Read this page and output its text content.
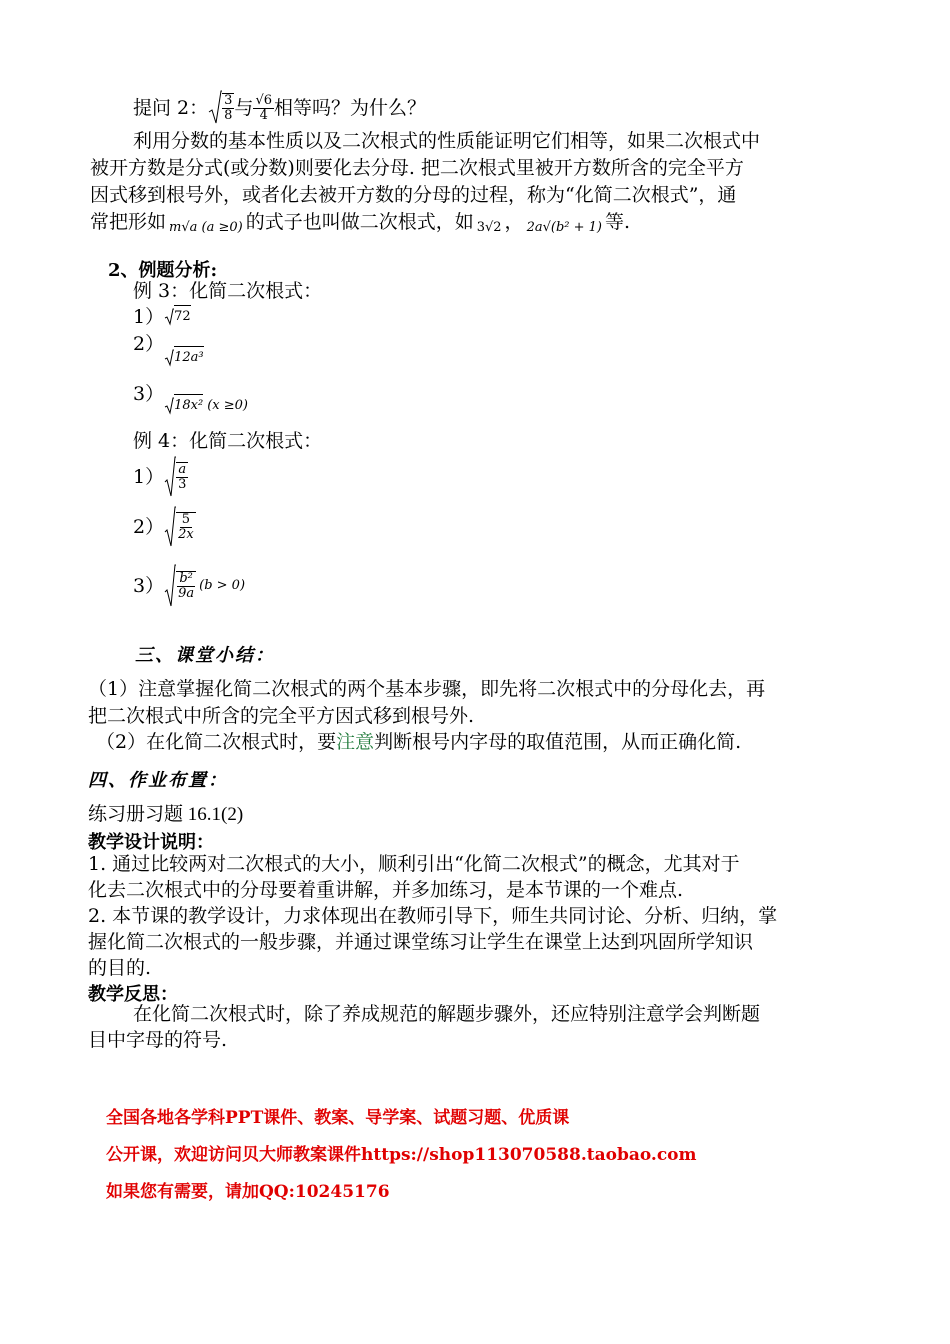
提问 2： $\frac{3}{8}$ 与 $\frac{√6}{4}$ 相等吗？为什么？
利用分数的基本性质以及二次根式的性质能证明它们相等，如果二次根式中
被开方数是分式(或分数)则要化去分母. 把二次根式里被开方数所含的完全平方
因式移到根号外，或者化去被开方数的分母的过程，称为“化简二次根式”，通
常把形如 m√a (a ≥0) 的式子也叫做二次根式，如 3√2 ， 2a√(b² + 1) 等.
2、例题分析:
例 3：化简二次根式：
1） 72
2）
12a³
3）
18x² (x ≥0)
例 4：化简二次根式：
$1) \frac{a}{3}$
$2) \frac{5}{2x}$
$3) \frac{\text{b²}}{9a} (b > 0)$
三、课堂小结：
（1）注意掌握化简二次根式的两个基本步骤，即先将二次根式中的分母化去，再
把二次根式中所含的完全平方因式移到根号外.
（2）在化简二次根式时，要注意判断根号内字母的取值范围，从而正确化简.
四、作业布置：
练习册习题 16.1(2)
教学设计说明：
1. 通过比较两对二次根式的大小，顺利引出“化简二次根式”的概念，尤其对于
化去二次根式中的分母要着重讲解，并多加练习，是本节课的一个难点.
2. 本节课的教学设计，力求体现出在教师引导下，师生共同讨论、分析、归纳，掌
握化简二次根式的一般步骤，并通过课堂练习让学生在课堂上达到巩固所学知识
的目的.
教学反思：
在化简二次根式时，除了养成规范的解题步骤外，还应特别注意学会判断题
目中字母的符号.
全国各地各学科PPT课件、教案、导学案、试题习题、优质课
公开课，欢迎访问贝大师教案课件https://shop113070588.taobao.com
如果您有需要，请加QQ:10245176
